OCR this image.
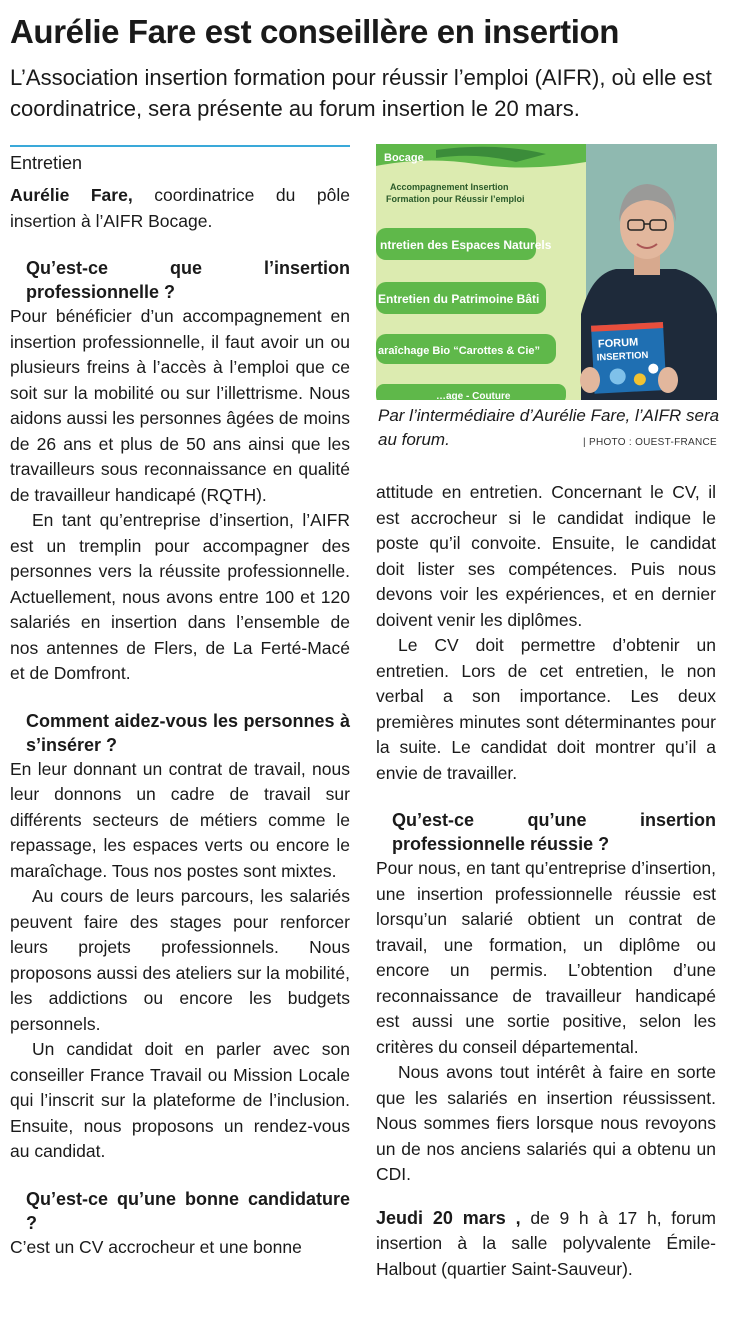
Aurélie Fare est conseillère en insertion

L’Association insertion formation pour réussir l’emploi (AIFR), où elle est coordinatrice, sera présente au forum insertion le 20 mars.

Entretien

Aurélie Fare, coordinatrice du pôle insertion à l’AIFR Bocage.

Qu’est-ce que l’insertion professionnelle ?

Pour bénéficier d’un accompagnement en insertion professionnelle, il faut avoir un ou plusieurs freins à l’accès à l’emploi que ce soit sur la mobilité ou sur l’illettrisme. Nous aidons aussi les personnes âgées de moins de 26 ans et plus de 50 ans ainsi que les travailleurs sous reconnaissance en qualité de travailleur handicapé (RQTH).

En tant qu’entreprise d’insertion, l’AIFR est un tremplin pour accompagner des personnes vers la réussite professionnelle. Actuellement, nous avons entre 100 et 120 salariés en insertion dans l’ensemble de nos antennes de Flers, de La Ferté-Macé et de Domfront.

Comment aidez-vous les personnes à s’insérer ?

En leur donnant un contrat de travail, nous leur donnons un cadre de travail sur différents secteurs de métiers comme le repassage, les espaces verts ou encore le maraîchage. Tous nos postes sont mixtes.

Au cours de leurs parcours, les salariés peuvent faire des stages pour renforcer leurs projets professionnels. Nous proposons aussi des ateliers sur la mobilité, les addictions ou encore les budgets personnels.

Un candidat doit en parler avec son conseiller France Travail ou Mission Locale qui l’inscrit sur la plateforme de l’inclusion. Ensuite, nous proposons un rendez-vous au candidat.

Qu’est-ce qu’une bonne candidature ?

C’est un CV accrocheur et une bonne

Bocage
Accompagnement Insertion
Formation pour Réussir l’emploi
ntretien des Espaces Naturels
Entretien du Patrimoine Bâti
araîchage Bio “Carottes & Cie”
…age - Couture
FORUM
INSERTION
Par l’intermédiaire d’Aurélie Fare, l’AIFR sera au forum.	| PHOTO : OUEST-FRANCE

attitude en entretien. Concernant le CV, il est accrocheur si le candidat indique le poste qu’il convoite. Ensuite, le candidat doit lister ses compétences. Puis nous devons voir les expériences, et en dernier doivent venir les diplômes.

Le CV doit permettre d’obtenir un entretien. Lors de cet entretien, le non verbal a son importance. Les deux premières minutes sont déterminantes pour la suite. Le candidat doit montrer qu’il a envie de travailler.

Qu’est-ce qu’une insertion professionnelle réussie ?

Pour nous, en tant qu’entreprise d’insertion, une insertion professionnelle réussie est lorsqu’un salarié obtient un contrat de travail, une formation, un diplôme ou encore un permis. L’obtention d’une reconnaissance de travailleur handicapé est aussi une sortie positive, selon les critères du conseil départemental.

Nous avons tout intérêt à faire en sorte que les salariés en insertion réussissent. Nous sommes fiers lorsque nous revoyons un de nos anciens salariés qui a obtenu un CDI.

Jeudi 20 mars , de 9 h à 17 h, forum insertion à la salle polyvalente Émile-Halbout (quartier Saint-Sauveur).
